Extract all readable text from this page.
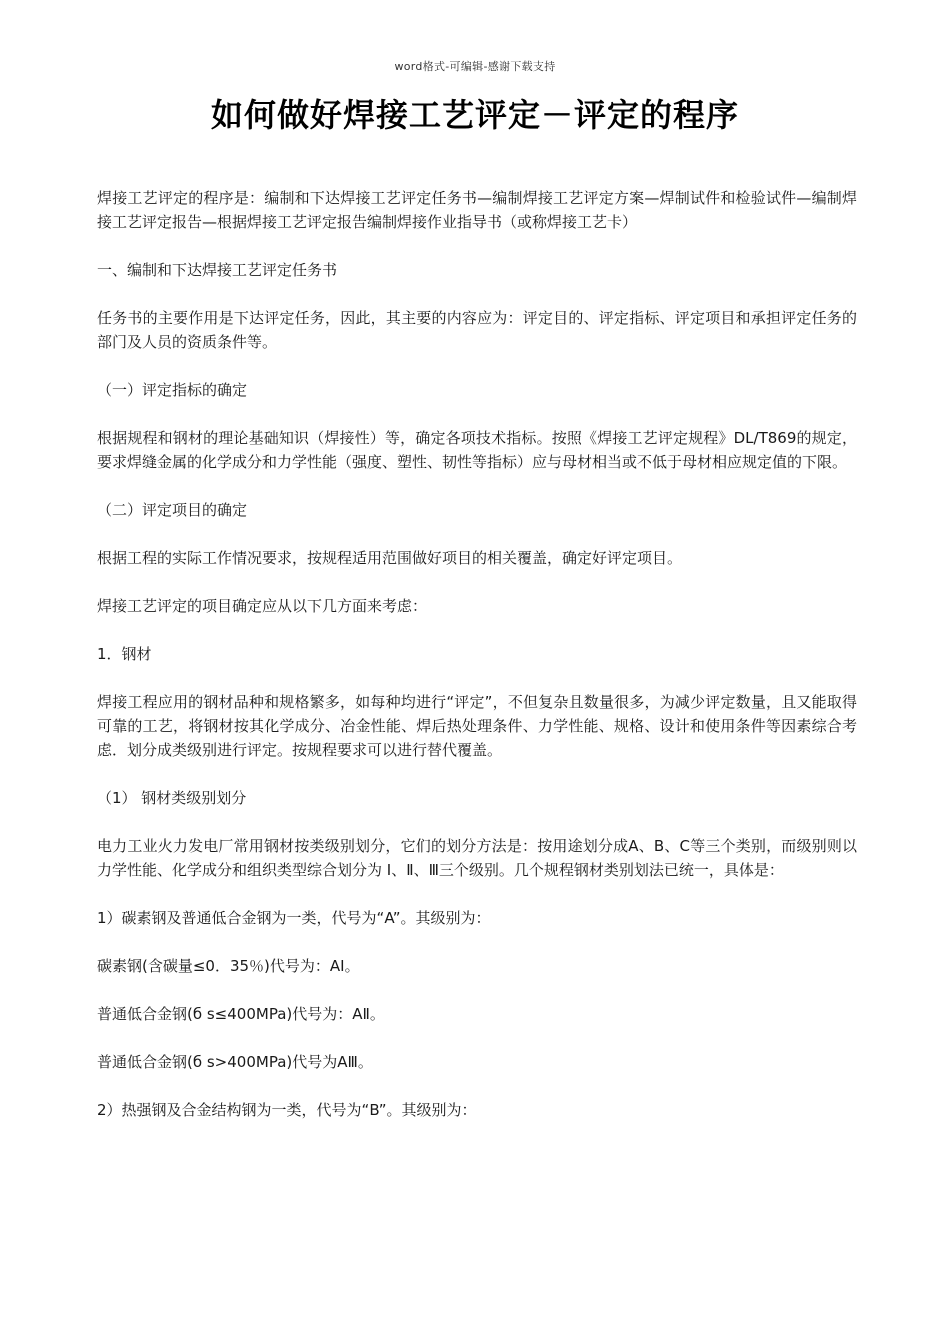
word格式-可编辑-感谢下载支持
如何做好焊接工艺评定－评定的程序

焊接工艺评定的程序是：编制和下达焊接工艺评定任务书—编制焊接工艺评定方案—焊制试件和检验试件—编制焊接工艺评定报告—根据焊接工艺评定报告编制焊接作业指导书（或称焊接工艺卡）

一、编制和下达焊接工艺评定任务书

任务书的主要作用是下达评定任务，因此，其主要的内容应为：评定目的、评定指标、评定项目和承担评定任务的部门及人员的资质条件等。

（一）评定指标的确定

根据规程和钢材的理论基础知识（焊接性）等，确定各项技术指标。按照《焊接工艺评定规程》DL/T869的规定，要求焊缝金属的化学成分和力学性能（强度、塑性、韧性等指标）应与母材相当或不低于母材相应规定值的下限。

（二）评定项目的确定

根据工程的实际工作情况要求，按规程适用范围做好项目的相关覆盖，确定好评定项目。

焊接工艺评定的项目确定应从以下几方面来考虑：

1．钢材

焊接工程应用的钢材品种和规格繁多，如每种均进行“评定”，不但复杂且数量很多，为减少评定数量，且又能取得可靠的工艺，将钢材按其化学成分、冶金性能、焊后热处理条件、力学性能、规格、设计和使用条件等因素综合考虑．划分成类级别进行评定。按规程要求可以进行替代覆盖。

（1） 钢材类级别划分

电力工业火力发电厂常用钢材按类级别划分，它们的划分方法是：按用途划分成A、B、C等三个类别，而级别则以力学性能、化学成分和组织类型综合划分为 Ⅰ、Ⅱ、Ⅲ三个级别。几个规程钢材类别划法已统一，具体是：

1）碳素钢及普通低合金钢为一类，代号为“A”。其级别为：

碳素钢(含碳量≤0．35％)代号为：AⅠ。

普通低合金钢(б s≤400MPa)代号为：AⅡ。

普通低合金钢(б s>400MPa)代号为AⅢ。

2）热强钢及合金结构钢为一类，代号为“B”。其级别为：
